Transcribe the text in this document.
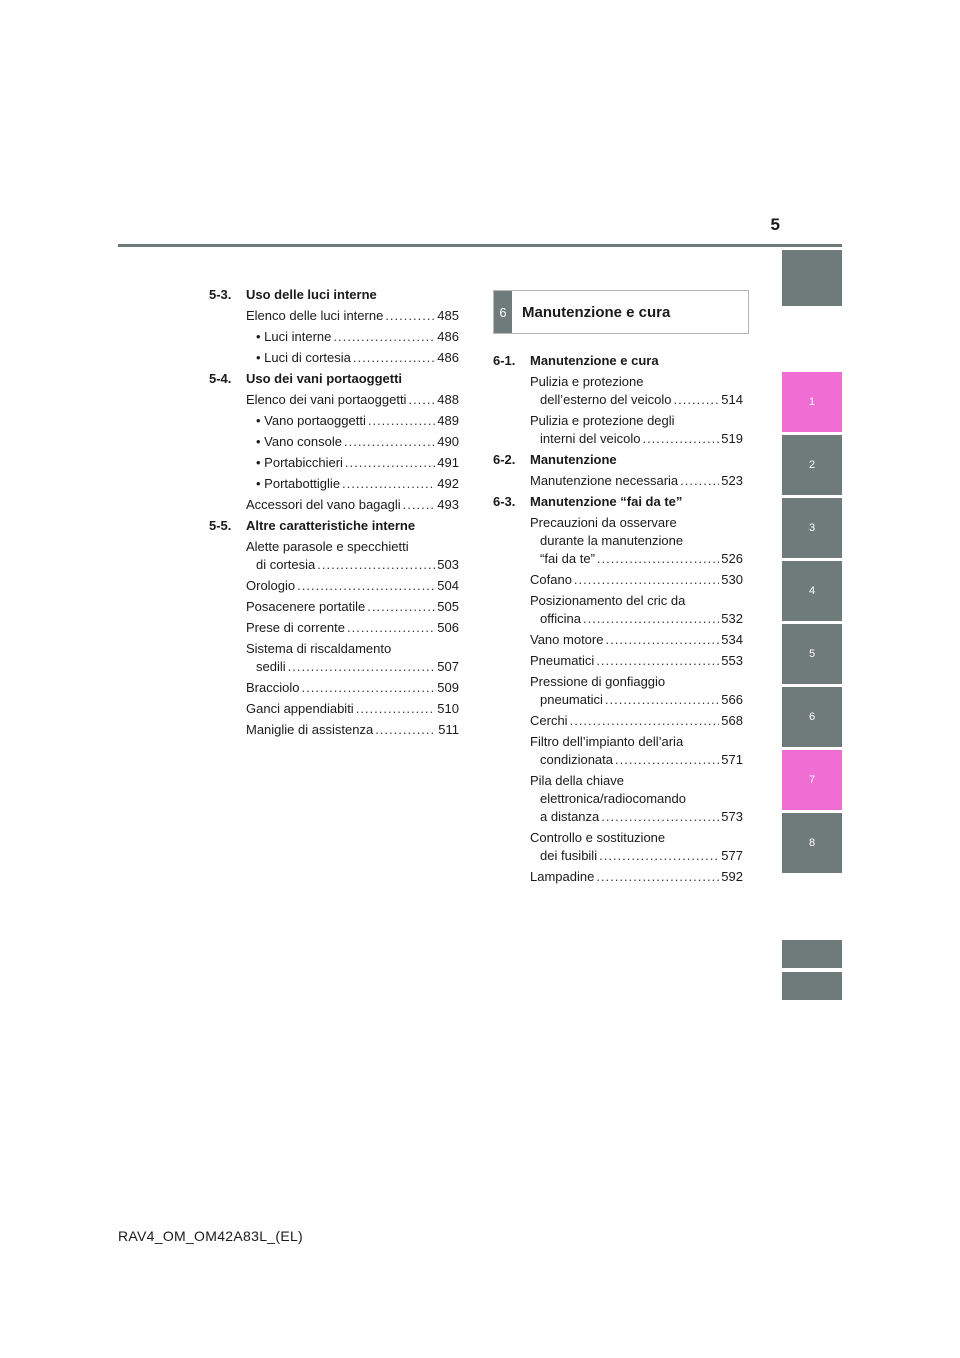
5
5-3.	Uso delle luci interne
Elenco delle luci interne .....	485
• Luci interne .....	486
• Luci di cortesia .....	486
5-4.	Uso dei vani portaoggetti
Elenco dei vani portaoggetti ..... 488
• Vano portaoggetti .....	489
• Vano console .....	490
• Portabicchieri .....	491
• Portabottiglie .....	492
Accessori del vano bagagli .....	493
5-5.	Altre caratteristiche interne
Alette parasole e specchietti
di cortesia .....	503
Orologio .....	504
Posacenere portatile .....	505
Prese di corrente .....	506
Sistema di riscaldamento
sedili .....	507
Bracciolo .....	509
Ganci appendiabiti .....	510
Maniglie di assistenza .....	511
6	Manutenzione e cura
6-1.	Manutenzione e cura
Pulizia e protezione
dell’esterno del veicolo .....	514
Pulizia e protezione degli
interni del veicolo .....	519
6-2.	Manutenzione
Manutenzione necessaria .....	523
6-3.	Manutenzione “fai da te”
Precauzioni da osservare
durante la manutenzione
“fai da te” .....	526
Cofano .....	530
Posizionamento del cric da
officina .....	532
Vano motore .....	534
Pneumatici .....	553
Pressione di gonfiaggio
pneumatici .....	566
Cerchi .....	568
Filtro dell’impianto dell’aria
condizionata .....	571
Pila della chiave
elettronica/radiocomando
a distanza .....	573
Controllo e sostituzione
dei fusibili .....	577
Lampadine .....	592
1
2
3
4
5
6
7
8
RAV4_OM_OM42A83L_(EL)
